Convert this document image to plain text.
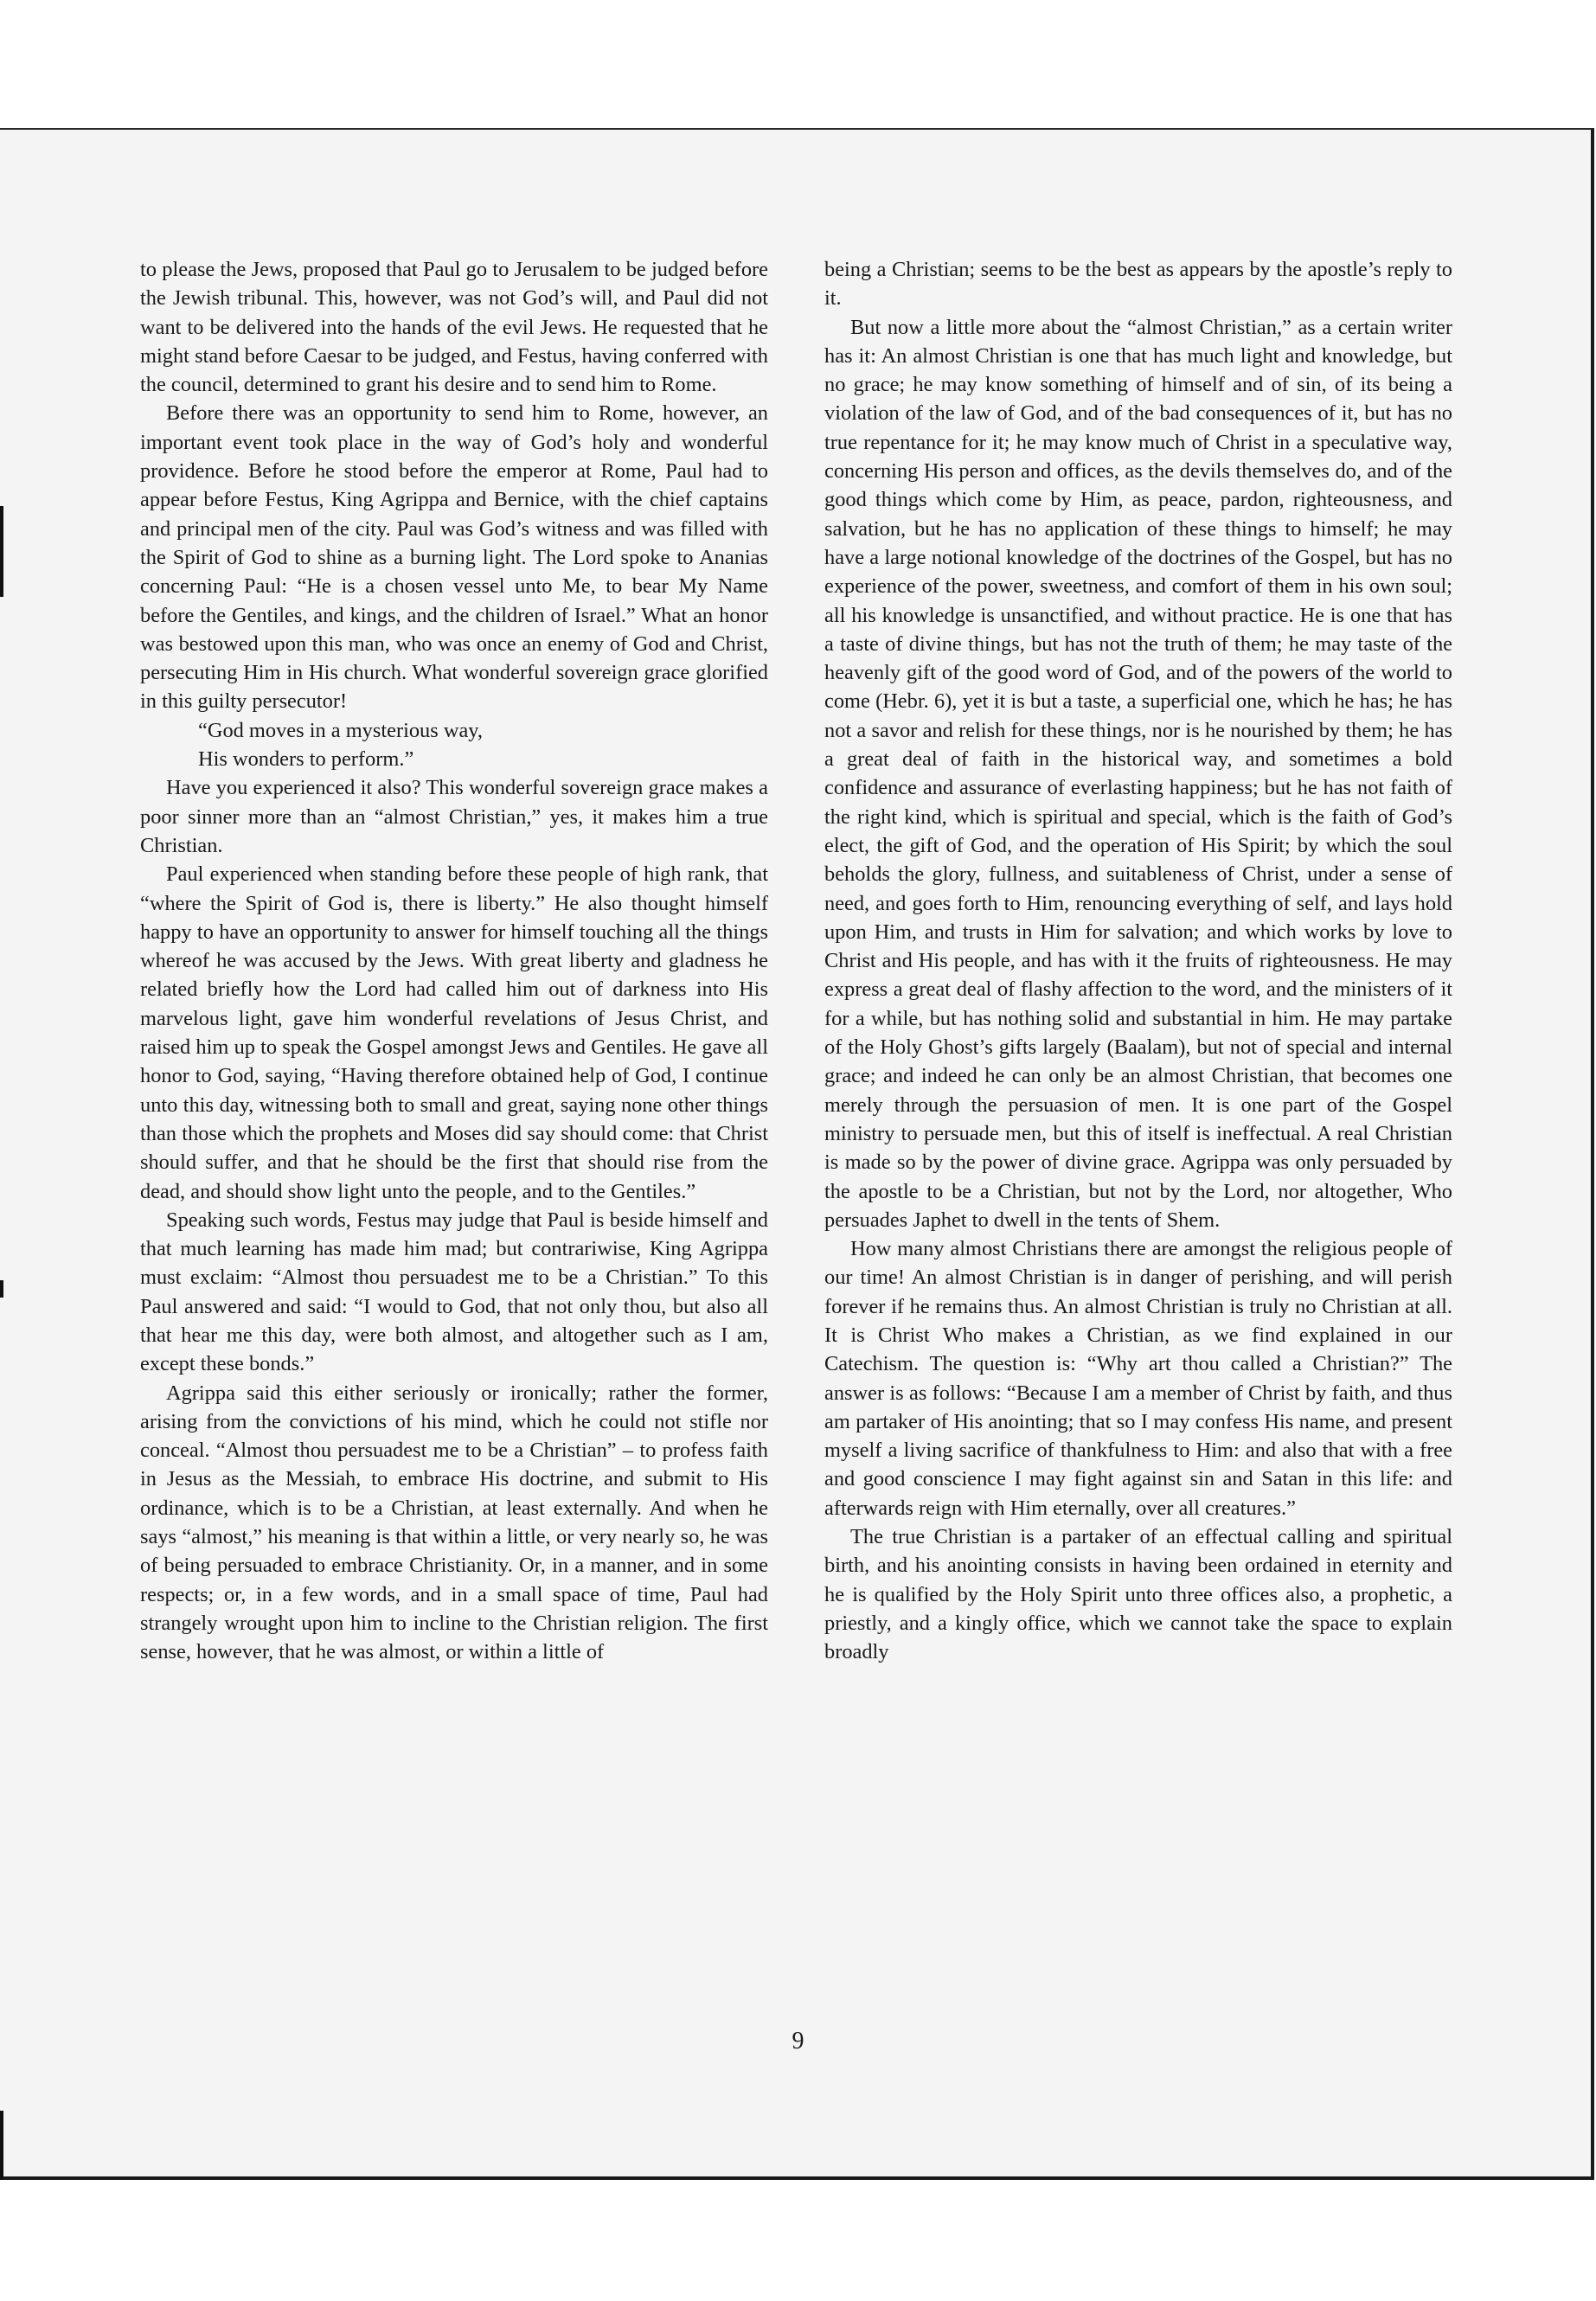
to please the Jews, proposed that Paul go to Jerusalem to be judged before the Jewish tribunal. This, however, was not God’s will, and Paul did not want to be delivered into the hands of the evil Jews. He requested that he might stand before Caesar to be judged, and Festus, having conferred with the council, determined to grant his desire and to send him to Rome.

Before there was an opportunity to send him to Rome, however, an important event took place in the way of God’s holy and wonderful providence. Before he stood before the emperor at Rome, Paul had to appear before Festus, King Agrippa and Bernice, with the chief captains and principal men of the city. Paul was God’s witness and was filled with the Spirit of God to shine as a burning light. The Lord spoke to Ananias concerning Paul: “He is a chosen vessel unto Me, to bear My Name before the Gentiles, and kings, and the children of Israel.” What an honor was bestowed upon this man, who was once an enemy of God and Christ, persecuting Him in His church. What wonderful sovereign grace glorified in this guilty persecutor!

“God moves in a mysterious way,
His wonders to perform.”

Have you experienced it also? This wonderful sovereign grace makes a poor sinner more than an “almost Christian,” yes, it makes him a true Christian.

Paul experienced when standing before these people of high rank, that “where the Spirit of God is, there is liberty.” He also thought himself happy to have an opportunity to answer for himself touching all the things whereof he was accused by the Jews. With great liberty and gladness he related briefly how the Lord had called him out of darkness into His marvelous light, gave him wonderful revelations of Jesus Christ, and raised him up to speak the Gospel amongst Jews and Gentiles. He gave all honor to God, saying, “Having therefore obtained help of God, I continue unto this day, witnessing both to small and great, saying none other things than those which the prophets and Moses did say should come: that Christ should suffer, and that he should be the first that should rise from the dead, and should show light unto the people, and to the Gentiles.”

Speaking such words, Festus may judge that Paul is beside himself and that much learning has made him mad; but contrariwise, King Agrippa must exclaim: “Almost thou persuadest me to be a Christian.” To this Paul answered and said: “I would to God, that not only thou, but also all that hear me this day, were both almost, and altogether such as I am, except these bonds.”

Agrippa said this either seriously or ironically; rather the former, arising from the convictions of his mind, which he could not stifle nor conceal. “Almost thou persuadest me to be a Christian” – to profess faith in Jesus as the Messiah, to embrace His doctrine, and submit to His ordinance, which is to be a Christian, at least externally. And when he says “almost,” his meaning is that within a little, or very nearly so, he was of being persuaded to embrace Christianity. Or, in a manner, and in some respects; or, in a few words, and in a small space of time, Paul had strangely wrought upon him to incline to the Christian religion. The first sense, however, that he was almost, or within a little of

being a Christian; seems to be the best as appears by the apostle’s reply to it.

But now a little more about the “almost Christian,” as a certain writer has it: An almost Christian is one that has much light and knowledge, but no grace; he may know something of himself and of sin, of its being a violation of the law of God, and of the bad consequences of it, but has no true repentance for it; he may know much of Christ in a speculative way, concerning His person and offices, as the devils themselves do, and of the good things which come by Him, as peace, pardon, righteousness, and salvation, but he has no application of these things to himself; he may have a large notional knowledge of the doctrines of the Gospel, but has no experience of the power, sweetness, and comfort of them in his own soul; all his knowledge is unsanctified, and without practice. He is one that has a taste of divine things, but has not the truth of them; he may taste of the heavenly gift of the good word of God, and of the powers of the world to come (Hebr. 6), yet it is but a taste, a superficial one, which he has; he has not a savor and relish for these things, nor is he nourished by them; he has a great deal of faith in the historical way, and sometimes a bold confidence and assurance of everlasting happiness; but he has not faith of the right kind, which is spiritual and special, which is the faith of God’s elect, the gift of God, and the operation of His Spirit; by which the soul beholds the glory, fullness, and suitableness of Christ, under a sense of need, and goes forth to Him, renouncing everything of self, and lays hold upon Him, and trusts in Him for salvation; and which works by love to Christ and His people, and has with it the fruits of righteousness. He may express a great deal of flashy affection to the word, and the ministers of it for a while, but has nothing solid and substantial in him. He may partake of the Holy Ghost’s gifts largely (Baalam), but not of special and internal grace; and indeed he can only be an almost Christian, that becomes one merely through the persuasion of men. It is one part of the Gospel ministry to persuade men, but this of itself is ineffectual. A real Christian is made so by the power of divine grace. Agrippa was only persuaded by the apostle to be a Christian, but not by the Lord, nor altogether, Who persuades Japhet to dwell in the tents of Shem.

How many almost Christians there are amongst the religious people of our time! An almost Christian is in danger of perishing, and will perish forever if he remains thus. An almost Christian is truly no Christian at all. It is Christ Who makes a Christian, as we find explained in our Catechism. The question is: “Why art thou called a Christian?” The answer is as follows: “Because I am a member of Christ by faith, and thus am partaker of His anointing; that so I may confess His name, and present myself a living sacrifice of thankfulness to Him: and also that with a free and good conscience I may fight against sin and Satan in this life: and afterwards reign with Him eternally, over all creatures.”

The true Christian is a partaker of an effectual calling and spiritual birth, and his anointing consists in having been ordained in eternity and he is qualified by the Holy Spirit unto three offices also, a prophetic, a priestly, and a kingly office, which we cannot take the space to explain broadly

9
